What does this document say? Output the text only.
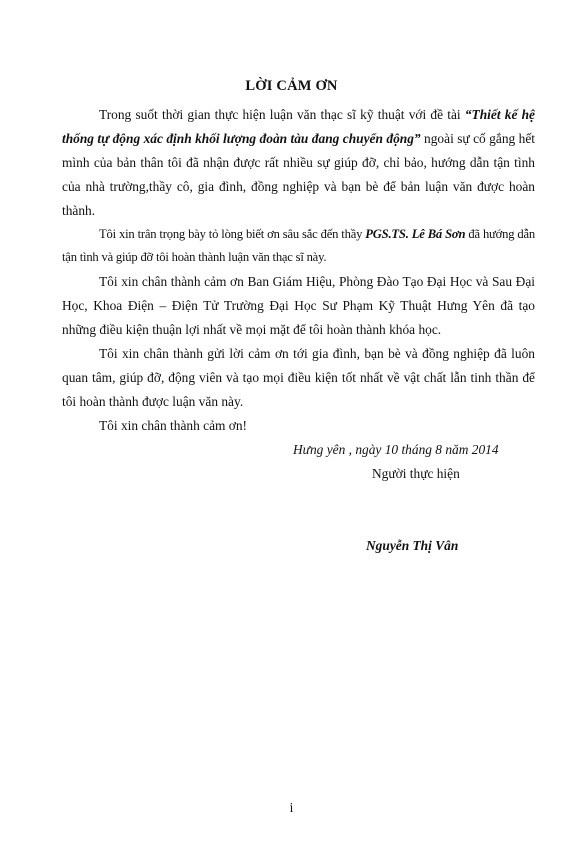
LỜI CẢM ƠN

Trong suốt thời gian thực hiện luận văn thạc sĩ kỹ thuật với đề tài “Thiết kế hệ thống tự động xác định khối lượng đoàn tàu đang chuyển động” ngoài sự cố gắng hết mình của bản thân tôi đã nhận được rất nhiều sự giúp đỡ, chỉ bảo, hướng dẫn tận tình của nhà trường,thầy cô, gia đình, đồng nghiệp và bạn bè để bản luận văn được hoàn thành.

Tôi xin trân trọng bày tỏ lòng biết ơn sâu sắc đến thầy PGS.TS. Lê Bá Sơn đã hướng dẫn tận tình và giúp đỡ tôi hoàn thành luận văn thạc sĩ này.

Tôi xin chân thành cảm ơn Ban Giám Hiệu, Phòng Đào Tạo Đại Học và Sau Đại Học, Khoa Điện – Điện Tử Trường Đại Học Sư Phạm Kỹ Thuật Hưng Yên đã tạo những điều kiện thuận lợi nhất về mọi mặt để tôi hoàn thành khóa học.

Tôi xin chân thành gửi lời cảm ơn tới gia đình, bạn bè và đồng nghiệp đã luôn quan tâm, giúp đỡ, động viên và tạo mọi điều kiện tốt nhất về vật chất lẫn tinh thần để tôi hoàn thành được luận văn này.

Tôi xin chân thành cảm ơn!

Hưng yên , ngày 10 tháng 8 năm 2014
Người thực hiện
Nguyễn Thị Vân
i
